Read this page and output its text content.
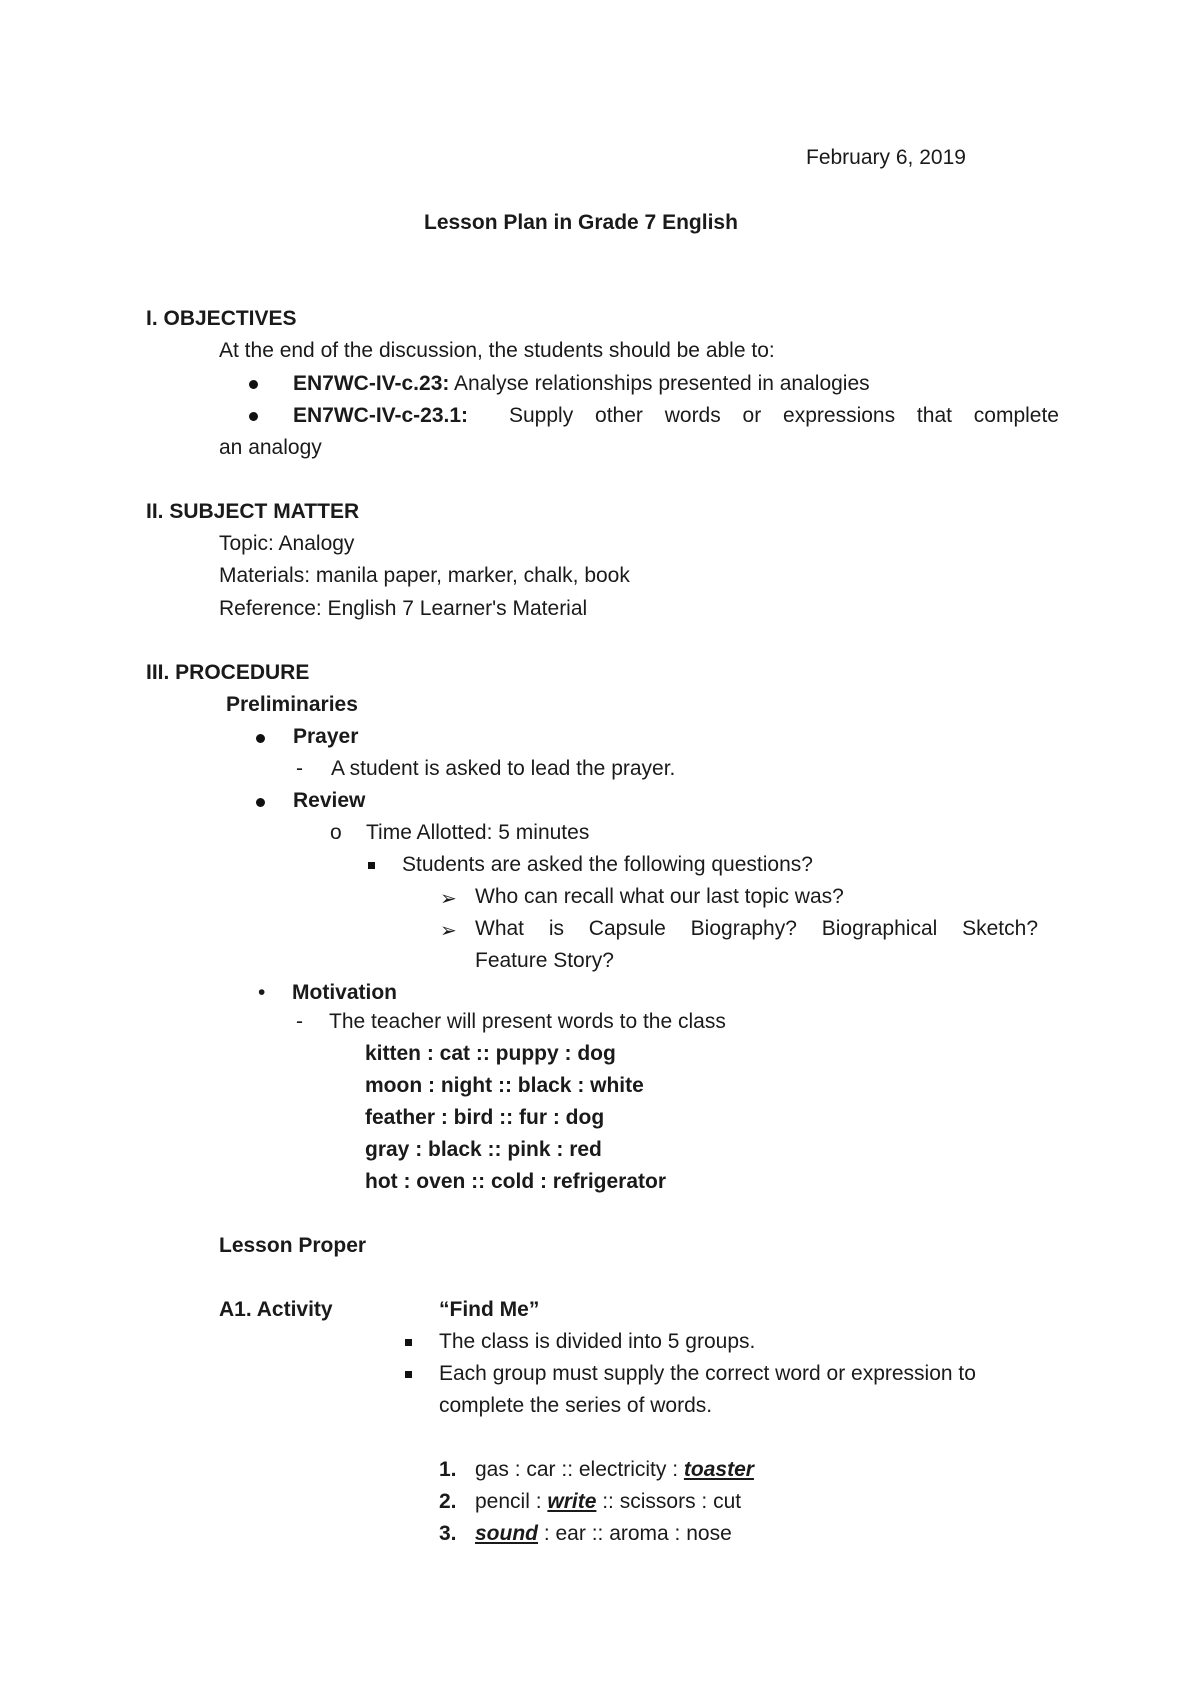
February 6, 2019
Lesson Plan in Grade 7 English
I. OBJECTIVES
At the end of the discussion, the students should be able to:
EN7WC-IV-c.23: Analyse relationships presented in analogies
EN7WC-IV-c-23.1: Supply other words or expressions that complete
an analogy
II. SUBJECT MATTER
Topic: Analogy
Materials: manila paper, marker, chalk, book
Reference: English 7 Learner's Material
III. PROCEDURE
Preliminaries
Prayer
- A student is asked to lead the prayer.
Review
o Time Allotted: 5 minutes
Students are asked the following questions?
➢ Who can recall what our last topic was?
➢ What is Capsule Biography? Biographical Sketch?
Feature Story?
• Motivation
- The teacher will present words to the class
kitten : cat :: puppy : dog
moon : night :: black : white
feather : bird :: fur : dog
gray : black :: pink : red
hot : oven :: cold : refrigerator
Lesson Proper
A1. Activity	“Find Me”
The class is divided into 5 groups.
Each group must supply the correct word or expression to
complete the series of words.
1. gas : car :: electricity : toaster
2. pencil : write :: scissors : cut
3. sound : ear :: aroma : nose
